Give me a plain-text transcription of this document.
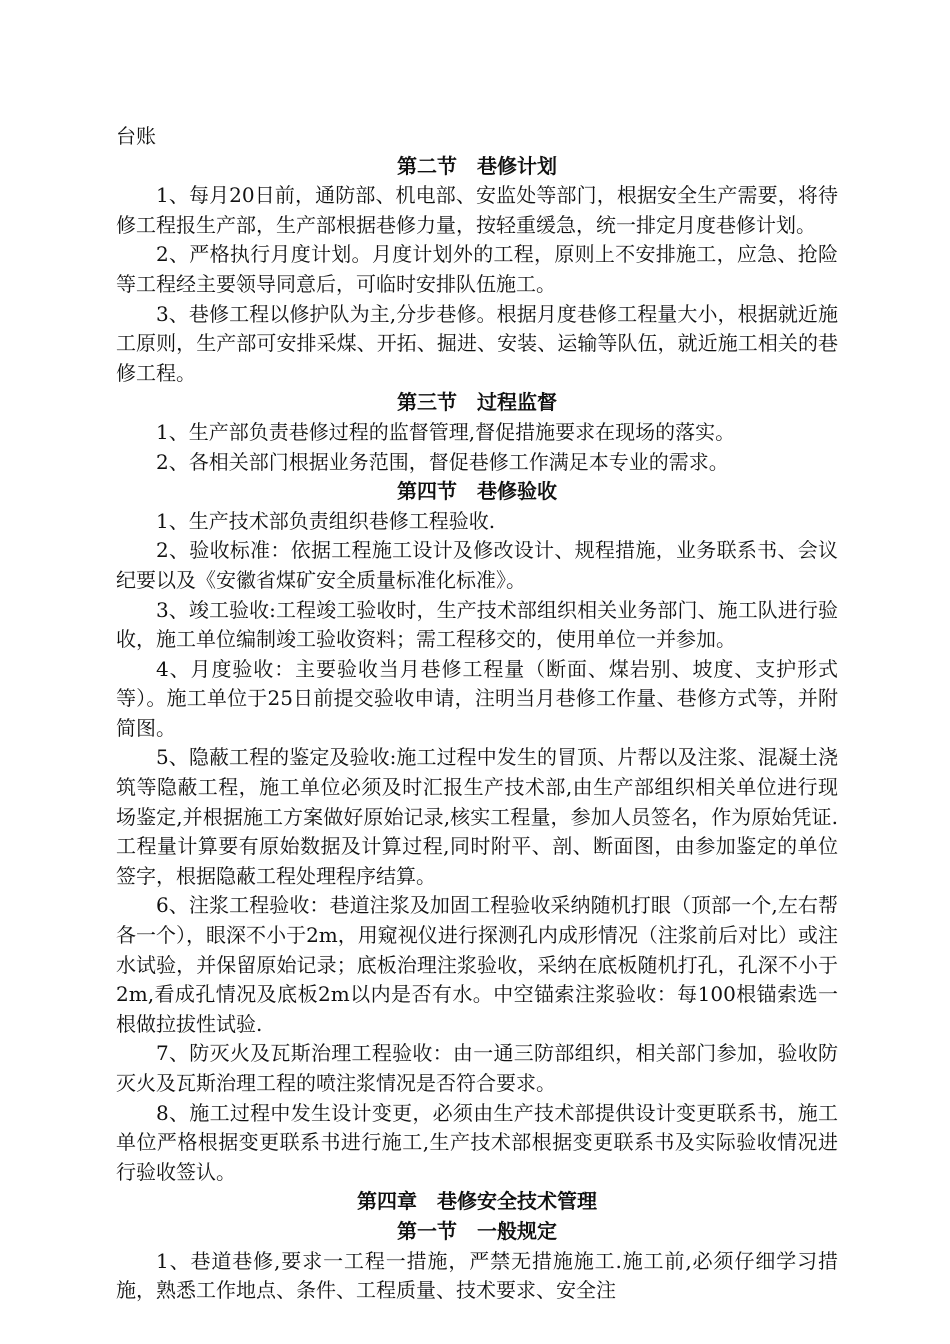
台账

第二节　巷修计划

1、每月20日前，通防部、机电部、安监处等部门，根据安全生产需要，将待修工程报生产部，生产部根据巷修力量，按轻重缓急，统一排定月度巷修计划。

2、严格执行月度计划。月度计划外的工程，原则上不安排施工，应急、抢险等工程经主要领导同意后，可临时安排队伍施工。

3、巷修工程以修护队为主,分步巷修。根据月度巷修工程量大小，根据就近施工原则，生产部可安排采煤、开拓、掘进、安装、运输等队伍，就近施工相关的巷修工程。

第三节　过程监督

1、生产部负责巷修过程的监督管理,督促措施要求在现场的落实。

2、各相关部门根据业务范围，督促巷修工作满足本专业的需求。

第四节　巷修验收

1、生产技术部负责组织巷修工程验收.

2、验收标准：依据工程施工设计及修改设计、规程措施，业务联系书、会议纪要以及《安徽省煤矿安全质量标准化标准》。

3、竣工验收:工程竣工验收时，生产技术部组织相关业务部门、施工队进行验收，施工单位编制竣工验收资料；需工程移交的，使用单位一并参加。

4、月度验收：主要验收当月巷修工程量（断面、煤岩别、坡度、支护形式等）。施工单位于25日前提交验收申请，注明当月巷修工作量、巷修方式等，并附简图。

5、隐蔽工程的鉴定及验收:施工过程中发生的冒顶、片帮以及注浆、混凝土浇筑等隐蔽工程，施工单位必须及时汇报生产技术部,由生产部组织相关单位进行现场鉴定,并根据施工方案做好原始记录,核实工程量，参加人员签名，作为原始凭证.工程量计算要有原始数据及计算过程,同时附平、剖、断面图，由参加鉴定的单位签字，根据隐蔽工程处理程序结算。

6、注浆工程验收：巷道注浆及加固工程验收采纳随机打眼（顶部一个,左右帮各一个），眼深不小于2m，用窥视仪进行探测孔内成形情况（注浆前后对比）或注水试验，并保留原始记录；底板治理注浆验收，采纳在底板随机打孔，孔深不小于2m,看成孔情况及底板2m以内是否有水。中空锚索注浆验收：每100根锚索选一根做拉拔性试验.

7、防灭火及瓦斯治理工程验收：由一通三防部组织，相关部门参加，验收防灭火及瓦斯治理工程的喷注浆情况是否符合要求。

8、施工过程中发生设计变更，必须由生产技术部提供设计变更联系书，施工单位严格根据变更联系书进行施工,生产技术部根据变更联系书及实际验收情况进行验收签认。

第四章　巷修安全技术管理

第一节　一般规定

1、巷道巷修,要求一工程一措施，严禁无措施施工.施工前,必须仔细学习措施，熟悉工作地点、条件、工程质量、技术要求、安全注
